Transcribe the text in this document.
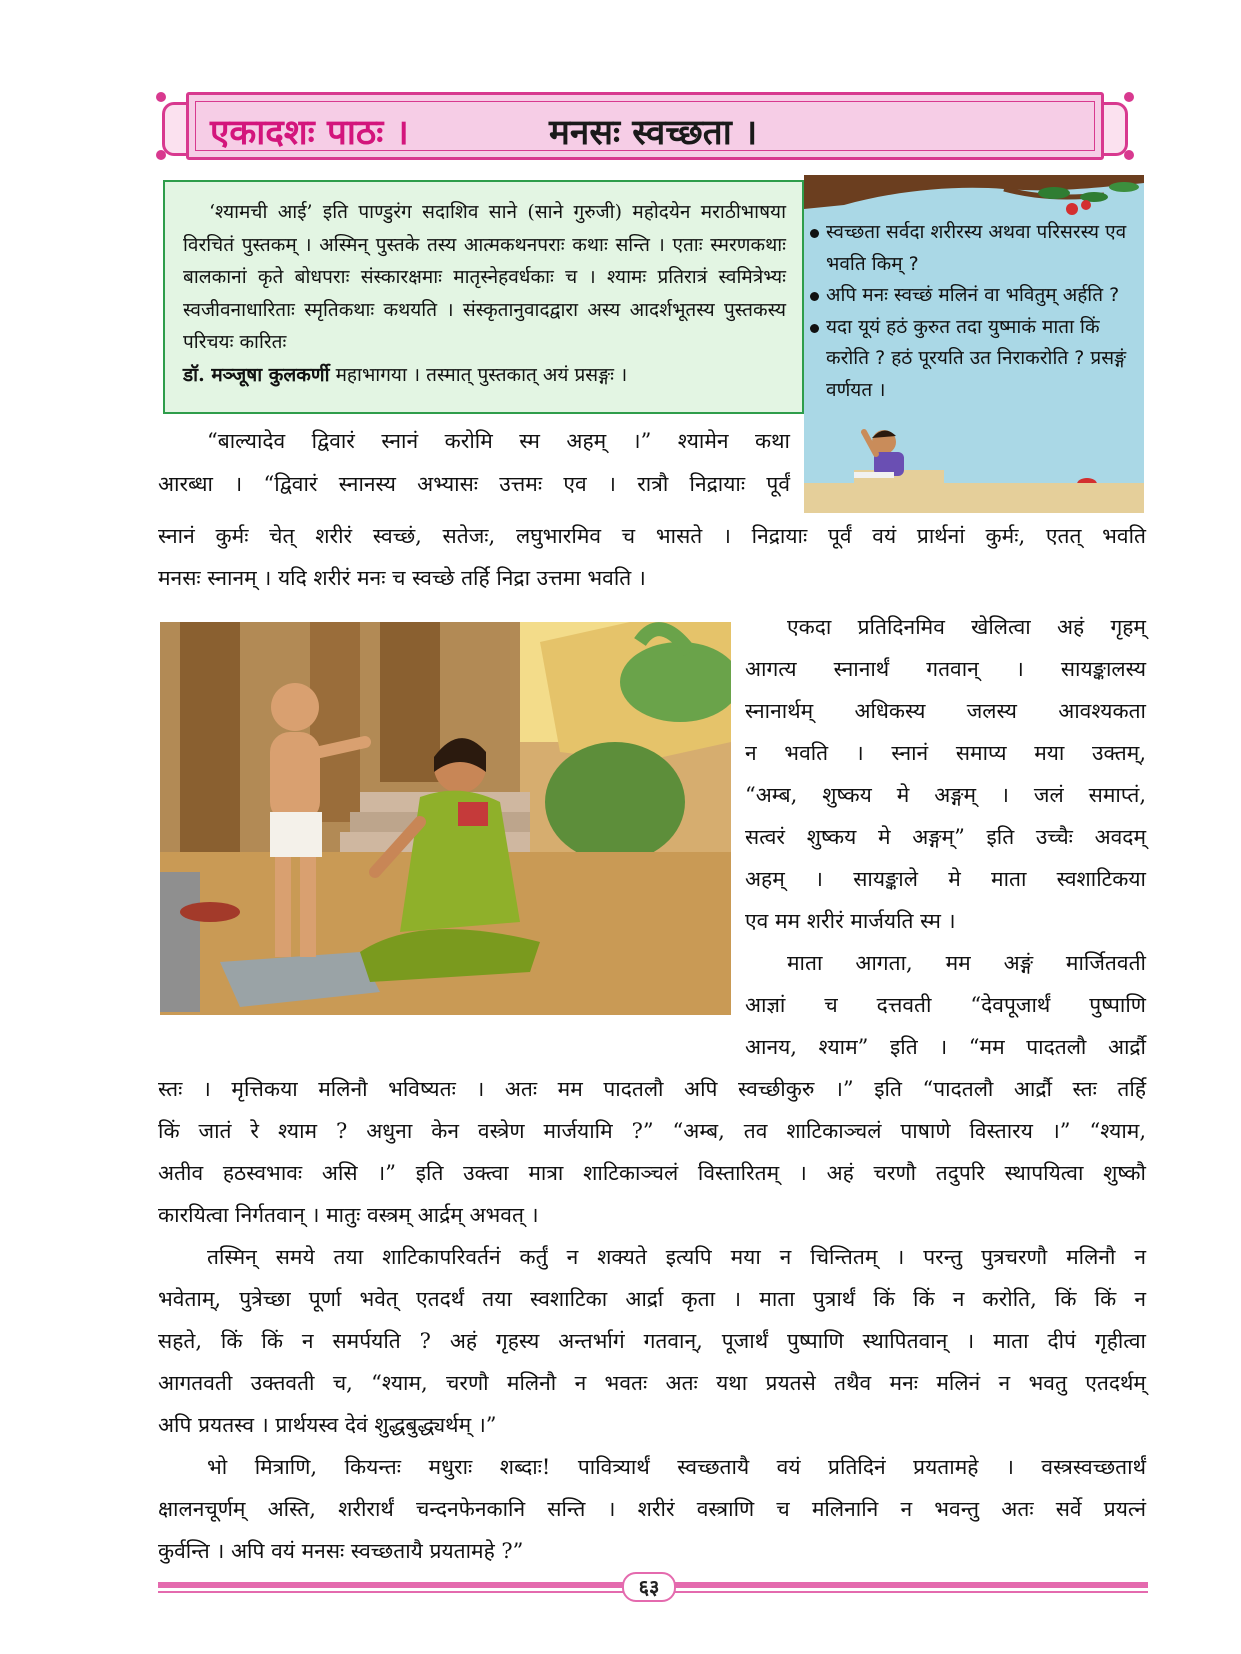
एकादशः पाठः ।	मनसः स्वच्छता ।

‘श्यामची आई’ इति पाण्डुरंग सदाशिव साने (साने गुरुजी) महोदयेन मराठीभाषया विरचितं पुस्तकम् । अस्मिन् पुस्तके तस्य आत्मकथनपराः कथाः सन्ति । एताः स्मरणकथाः बालकानां कृते बोधपराः संस्कारक्षमाः मातृस्नेहवर्धकाः च । श्यामः प्रतिरात्रं स्वमित्रेभ्यः स्वजीवनाधारिताः स्मृतिकथाः कथयति । संस्कृतानुवादद्वारा अस्य आदर्शभूतस्य पुस्तकस्य परिचयः कारितः
डॉ. मञ्जूषा कुलकर्णी महाभागया । तस्मात् पुस्तकात् अयं प्रसङ्गः ।

स्वच्छता सर्वदा शरीरस्य अथवा परिसरस्य एव भवति किम् ?
अपि मनः स्वच्छं मलिनं वा भवितुम् अर्हति ?
यदा यूयं हठं कुरुत तदा युष्माकं माता किं करोति ? हठं पूरयति उत निराकरोति ? प्रसङ्गं वर्णयत ।
“बाल्यादेव द्विवारं स्नानं करोमि स्म अहम् ।” श्यामेन कथा
आरब्धा । “द्विवारं स्नानस्य अभ्यासः उत्तमः एव । रात्रौ निद्रायाः पूर्वं
स्नानं कुर्मः चेत् शरीरं स्वच्छं, सतेजः, लघुभारमिव च भासते । निद्रायाः पूर्वं वयं प्रार्थनां कुर्मः, एतत् भवति
मनसः स्नानम् । यदि शरीरं मनः च स्वच्छे तर्हि निद्रा उत्तमा भवति ।
एकदा प्रतिदिनमिव खेलित्वा अहं गृहम्
आगत्य स्नानार्थं गतवान् । सायङ्कालस्य
स्नानार्थम् अधिकस्य जलस्य आवश्यकता
न भवति । स्नानं समाप्य मया उक्तम्,
“अम्ब, शुष्कय मे अङ्गम् । जलं समाप्तं,
सत्वरं शुष्कय मे अङ्गम्” इति उच्चैः अवदम्
अहम् । सायङ्काले मे माता स्वशाटिकया
एव मम शरीरं मार्जयति स्म ।
माता आगता, मम अङ्गं मार्जितवती
आज्ञां च दत्तवती “देवपूजार्थं पुष्पाणि
आनय, श्याम” इति । “मम पादतलौ आर्द्रौ
स्तः । मृत्तिकया मलिनौ भविष्यतः । अतः मम पादतलौ अपि स्वच्छीकुरु ।” इति “पादतलौ आर्द्रौ स्तः तर्हि
किं जातं रे श्याम ? अधुना केन वस्त्रेण मार्जयामि ?” “अम्ब, तव शाटिकाञ्चलं पाषाणे विस्तारय ।” “श्याम,
अतीव हठस्वभावः असि ।” इति उक्त्वा मात्रा शाटिकाञ्चलं विस्तारितम् । अहं चरणौ तदुपरि स्थापयित्वा शुष्कौ
कारयित्वा निर्गतवान् । मातुः वस्त्रम् आर्द्रम् अभवत् ।
तस्मिन् समये तया शाटिकापरिवर्तनं कर्तुं न शक्यते इत्यपि मया न चिन्तितम् । परन्तु पुत्रचरणौ मलिनौ न
भवेताम्, पुत्रेच्छा पूर्णा भवेत् एतदर्थं तया स्वशाटिका आर्द्रा कृता । माता पुत्रार्थं किं किं न करोति, किं किं न
सहते, किं किं न समर्पयति ? अहं गृहस्य अन्तर्भागं गतवान्, पूजार्थं पुष्पाणि स्थापितवान् । माता दीपं गृहीत्वा
आगतवती उक्तवती च, “श्याम, चरणौ मलिनौ न भवतः अतः यथा प्रयतसे तथैव मनः मलिनं न भवतु एतदर्थम्
अपि प्रयतस्व । प्रार्थयस्व देवं शुद्धबुद्ध्यर्थम् ।”
भो मित्राणि, कियन्तः मधुराः शब्दाः! पावित्र्यार्थं स्वच्छतायै वयं प्रतिदिनं प्रयतामहे । वस्त्रस्वच्छतार्थं
क्षालनचूर्णम् अस्ति, शरीरार्थं चन्दनफेनकानि सन्ति । शरीरं वस्त्राणि च मलिनानि न भवन्तु अतः सर्वे प्रयत्नं
कुर्वन्ति । अपि वयं मनसः स्वच्छतायै प्रयतामहे ?”
६३
